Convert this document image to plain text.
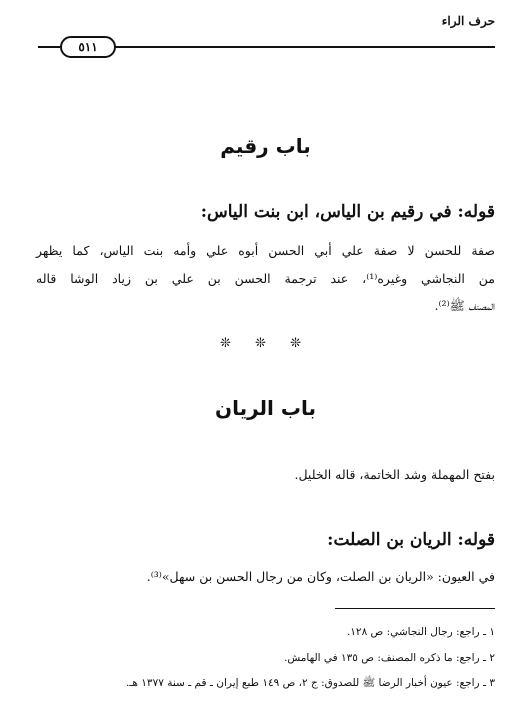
حرف الراء
٥١١
باب رقيم
قوله: في رقيم بن الياس، ابن بنت الياس:
صفة للحسن لا صفة علي أبي الحسن أبوه علي وأمه بنت الياس، كما يظهر
من النجاشي وغيره⁽¹⁾، عند ترجمة الحسن بن علي بن زياد الوشا قاله
المصنف ﷺ⁽²⁾.
❊ ❊ ❊
باب الريان
بفتح المهملة وشد الخاتمة، قاله الخليل.
قوله: الريان بن الصلت:
في العيون: «الريان بن الصلت، وكان من رجال الحسن بن سهل»⁽³⁾.
١ ـ راجع: رجال النجاشي: ص ١٢٨.
٢ ـ راجع: ما ذكره المصنف: ص ١٣٥ في الهامش.
٣ ـ راجع: عيون أخبار الرضا ﷺ للصدوق: ج ٢، ص ١٤٩ طبع إيران ـ قم ـ سنة ١٣٧٧ هـ.
